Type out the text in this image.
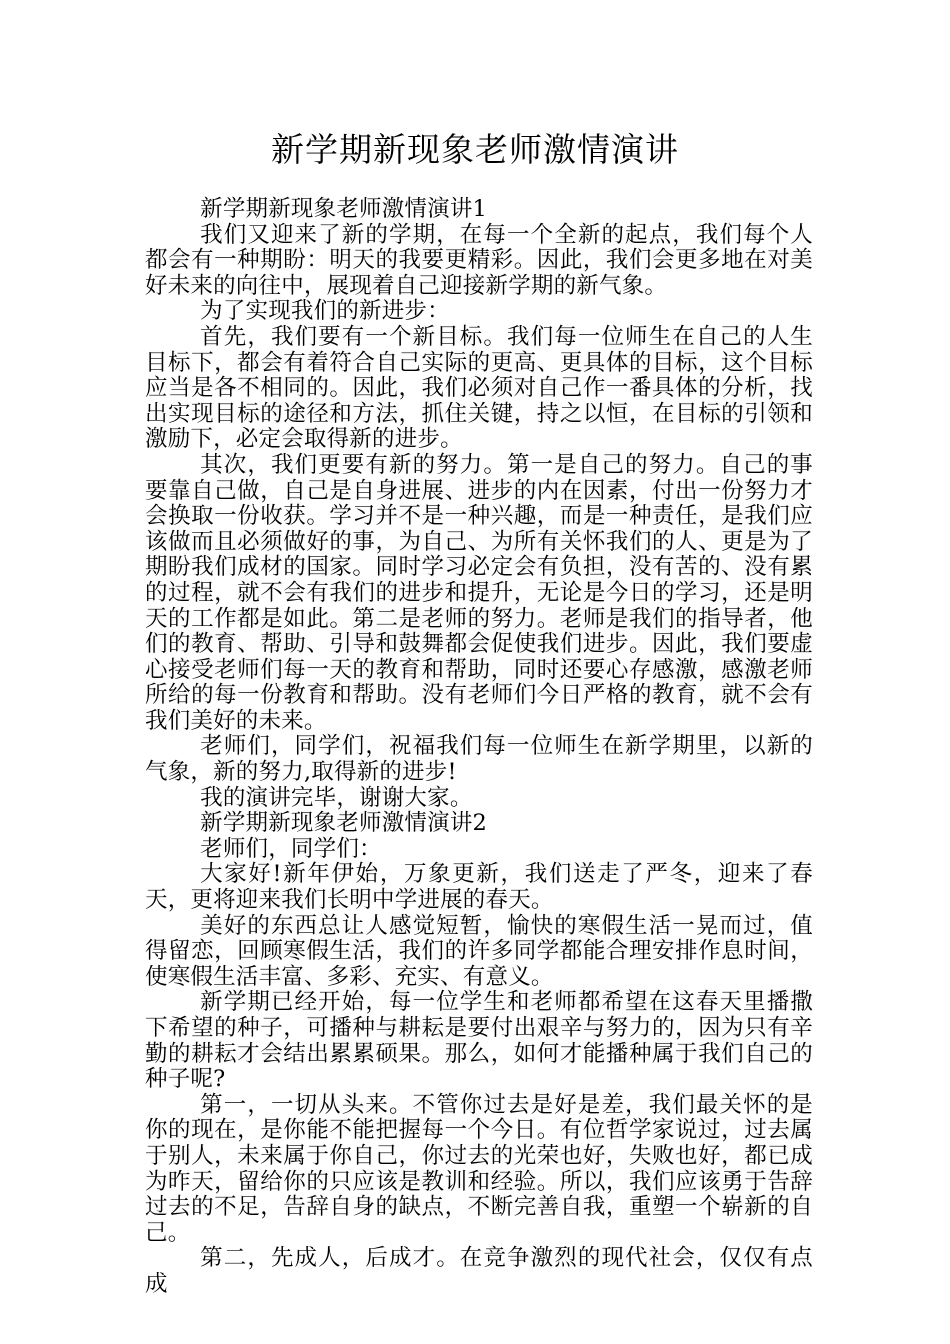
新学期新现象老师激情演讲

新学期新现象老师激情演讲1

我们又迎来了新的学期，在每一个全新的起点，我们每个人都会有一种期盼：明天的我要更精彩。因此，我们会更多地在对美好未来的向往中，展现着自己迎接新学期的新气象。

为了实现我们的新进步：

首先，我们要有一个新目标。我们每一位师生在自己的人生目标下，都会有着符合自己实际的更高、更具体的目标，这个目标应当是各不相同的。因此，我们必须对自己作一番具体的分析，找出实现目标的途径和方法，抓住关键，持之以恒，在目标的引领和激励下，必定会取得新的进步。

其次，我们更要有新的努力。第一是自己的努力。自己的事要靠自己做，自己是自身进展、进步的内在因素，付出一份努力才会换取一份收获。学习并不是一种兴趣，而是一种责任，是我们应该做而且必须做好的事，为自己、为所有关怀我们的人、更是为了期盼我们成材的国家。同时学习必定会有负担，没有苦的、没有累的过程，就不会有我们的进步和提升，无论是今日的学习，还是明天的工作都是如此。第二是老师的努力。老师是我们的指导者，他们的教育、帮助、引导和鼓舞都会促使我们进步。因此，我们要虚心接受老师们每一天的教育和帮助，同时还要心存感激，感激老师所给的每一份教育和帮助。没有老师们今日严格的教育，就不会有我们美好的未来。

老师们，同学们，祝福我们每一位师生在新学期里，以新的气象，新的努力,取得新的进步!

我的演讲完毕，谢谢大家。

新学期新现象老师激情演讲2

老师们，同学们：

大家好!新年伊始，万象更新，我们送走了严冬，迎来了春天，更将迎来我们长明中学进展的春天。

美好的东西总让人感觉短暂，愉快的寒假生活一晃而过，值得留恋，回顾寒假生活，我们的许多同学都能合理安排作息时间，使寒假生活丰富、多彩、充实、有意义。

新学期已经开始，每一位学生和老师都希望在这春天里播撒下希望的种子，可播种与耕耘是要付出艰辛与努力的，因为只有辛勤的耕耘才会结出累累硕果。那么，如何才能播种属于我们自己的种子呢?

第一，一切从头来。不管你过去是好是差，我们最关怀的是你的现在，是你能不能把握每一个今日。有位哲学家说过，过去属于别人，未来属于你自己，你过去的光荣也好，失败也好，都已成为昨天，留给你的只应该是教训和经验。所以，我们应该勇于告辞过去的不足，告辞自身的缺点，不断完善自我，重塑一个崭新的自己。

第二，先成人，后成才。在竞争激烈的现代社会，仅仅有点成
